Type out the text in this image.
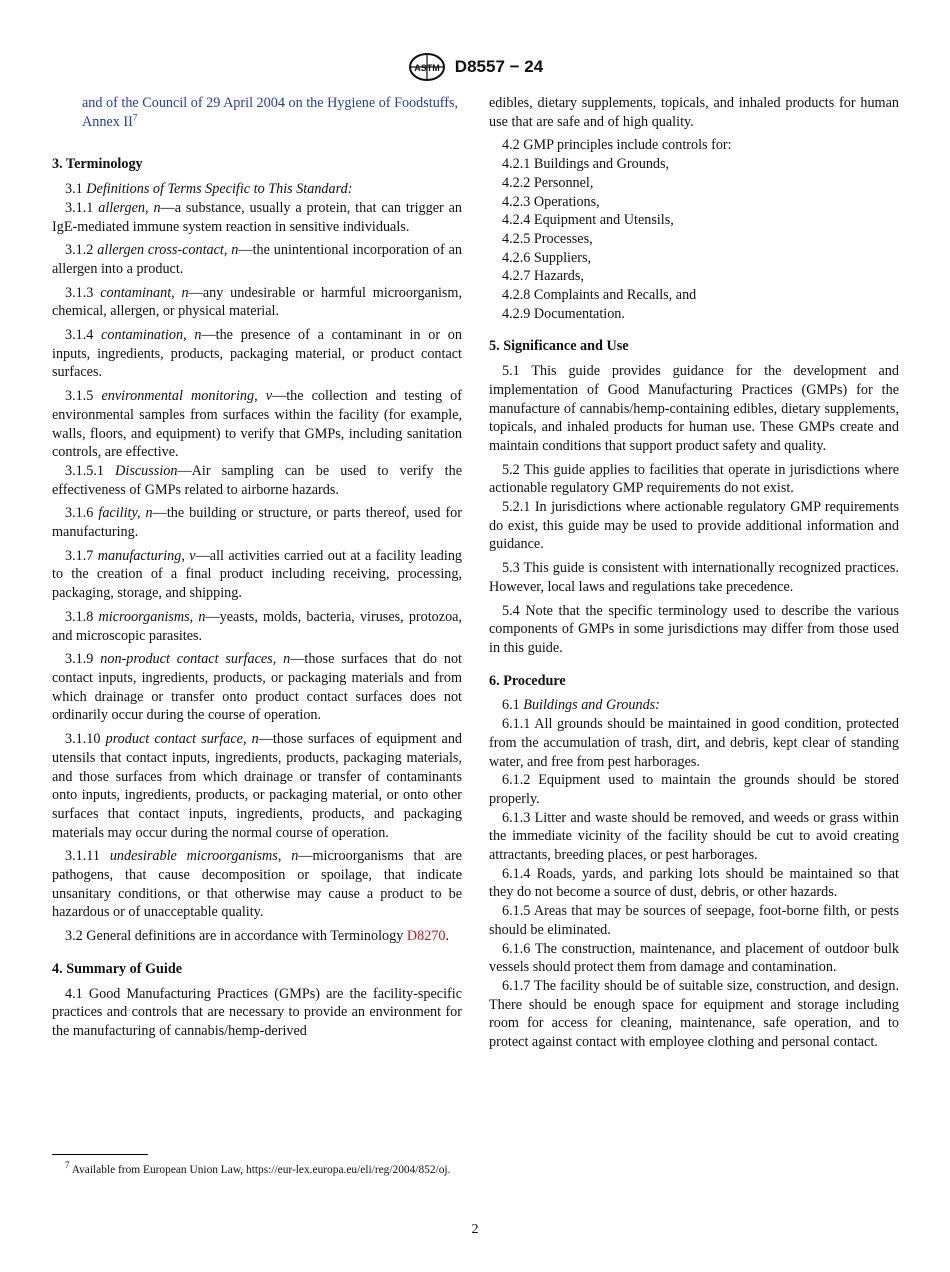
ASTM D8557 − 24

and of the Council of 29 April 2004 on the Hygiene of Foodstuffs, Annex $II^7$

3. Terminology

3.1 Definitions of Terms Specific to This Standard:

3.1.1 allergen, n—a substance, usually a protein, that can trigger an IgE-mediated immune system reaction in sensitive individuals.

3.1.2 allergen cross-contact, n—the unintentional incorporation of an allergen into a product.

3.1.3 contaminant, n—any undesirable or harmful microorganism, chemical, allergen, or physical material.

3.1.4 contamination, n—the presence of a contaminant in or on inputs, ingredients, products, packaging material, or product contact surfaces.

3.1.5 environmental monitoring, v—the collection and testing of environmental samples from surfaces within the facility (for example, walls, floors, and equipment) to verify that GMPs, including sanitation controls, are effective.

3.1.5.1 Discussion—Air sampling can be used to verify the effectiveness of GMPs related to airborne hazards.

3.1.6 facility, n—the building or structure, or parts thereof, used for manufacturing.

3.1.7 manufacturing, v—all activities carried out at a facility leading to the creation of a final product including receiving, processing, packaging, storage, and shipping.

3.1.8 microorganisms, n—yeasts, molds, bacteria, viruses, protozoa, and microscopic parasites.

3.1.9 non-product contact surfaces, n—those surfaces that do not contact inputs, ingredients, products, or packaging materials and from which drainage or transfer onto product contact surfaces does not ordinarily occur during the course of operation.

3.1.10 product contact surface, n—those surfaces of equipment and utensils that contact inputs, ingredients, products, packaging materials, and those surfaces from which drainage or transfer of contaminants onto inputs, ingredients, products, or packaging material, or onto other surfaces that contact inputs, ingredients, products, and packaging materials may occur during the normal course of operation.

3.1.11 undesirable microorganisms, n—microorganisms that are pathogens, that cause decomposition or spoilage, that indicate unsanitary conditions, or that otherwise may cause a product to be hazardous or of unacceptable quality.

3.2 General definitions are in accordance with Terminology D8270.

4. Summary of Guide

4.1 Good Manufacturing Practices (GMPs) are the facility-specific practices and controls that are necessary to provide an environment for the manufacturing of cannabis/hemp-derived

edibles, dietary supplements, topicals, and inhaled products for human use that are safe and of high quality.

4.2 GMP principles include controls for:

4.2.1 Buildings and Grounds,

4.2.2 Personnel,

4.2.3 Operations,

4.2.4 Equipment and Utensils,

4.2.5 Processes,

4.2.6 Suppliers,

4.2.7 Hazards,

4.2.8 Complaints and Recalls, and

4.2.9 Documentation.

5. Significance and Use

5.1 This guide provides guidance for the development and implementation of Good Manufacturing Practices (GMPs) for the manufacture of cannabis/hemp-containing edibles, dietary supplements, topicals, and inhaled products for human use. These GMPs create and maintain conditions that support product safety and quality.

5.2 This guide applies to facilities that operate in jurisdictions where actionable regulatory GMP requirements do not exist.

5.2.1 In jurisdictions where actionable regulatory GMP requirements do exist, this guide may be used to provide additional information and guidance.

5.3 This guide is consistent with internationally recognized practices. However, local laws and regulations take precedence.

5.4 Note that the specific terminology used to describe the various components of GMPs in some jurisdictions may differ from those used in this guide.

6. Procedure

6.1 Buildings and Grounds:

6.1.1 All grounds should be maintained in good condition, protected from the accumulation of trash, dirt, and debris, kept clear of standing water, and free from pest harborages.

6.1.2 Equipment used to maintain the grounds should be stored properly.

6.1.3 Litter and waste should be removed, and weeds or grass within the immediate vicinity of the facility should be cut to avoid creating attractants, breeding places, or pest harborages.

6.1.4 Roads, yards, and parking lots should be maintained so that they do not become a source of dust, debris, or other hazards.

6.1.5 Areas that may be sources of seepage, foot-borne filth, or pests should be eliminated.

6.1.6 The construction, maintenance, and placement of outdoor bulk vessels should protect them from damage and contamination.

6.1.7 The facility should be of suitable size, construction, and design. There should be enough space for equipment and storage including room for access for cleaning, maintenance, safe operation, and to protect against contact with employee clothing and personal contact.

$^7$ Available from European Union Law, https://eur-lex.europa.eu/eli/reg/2004/852/oj.
2
